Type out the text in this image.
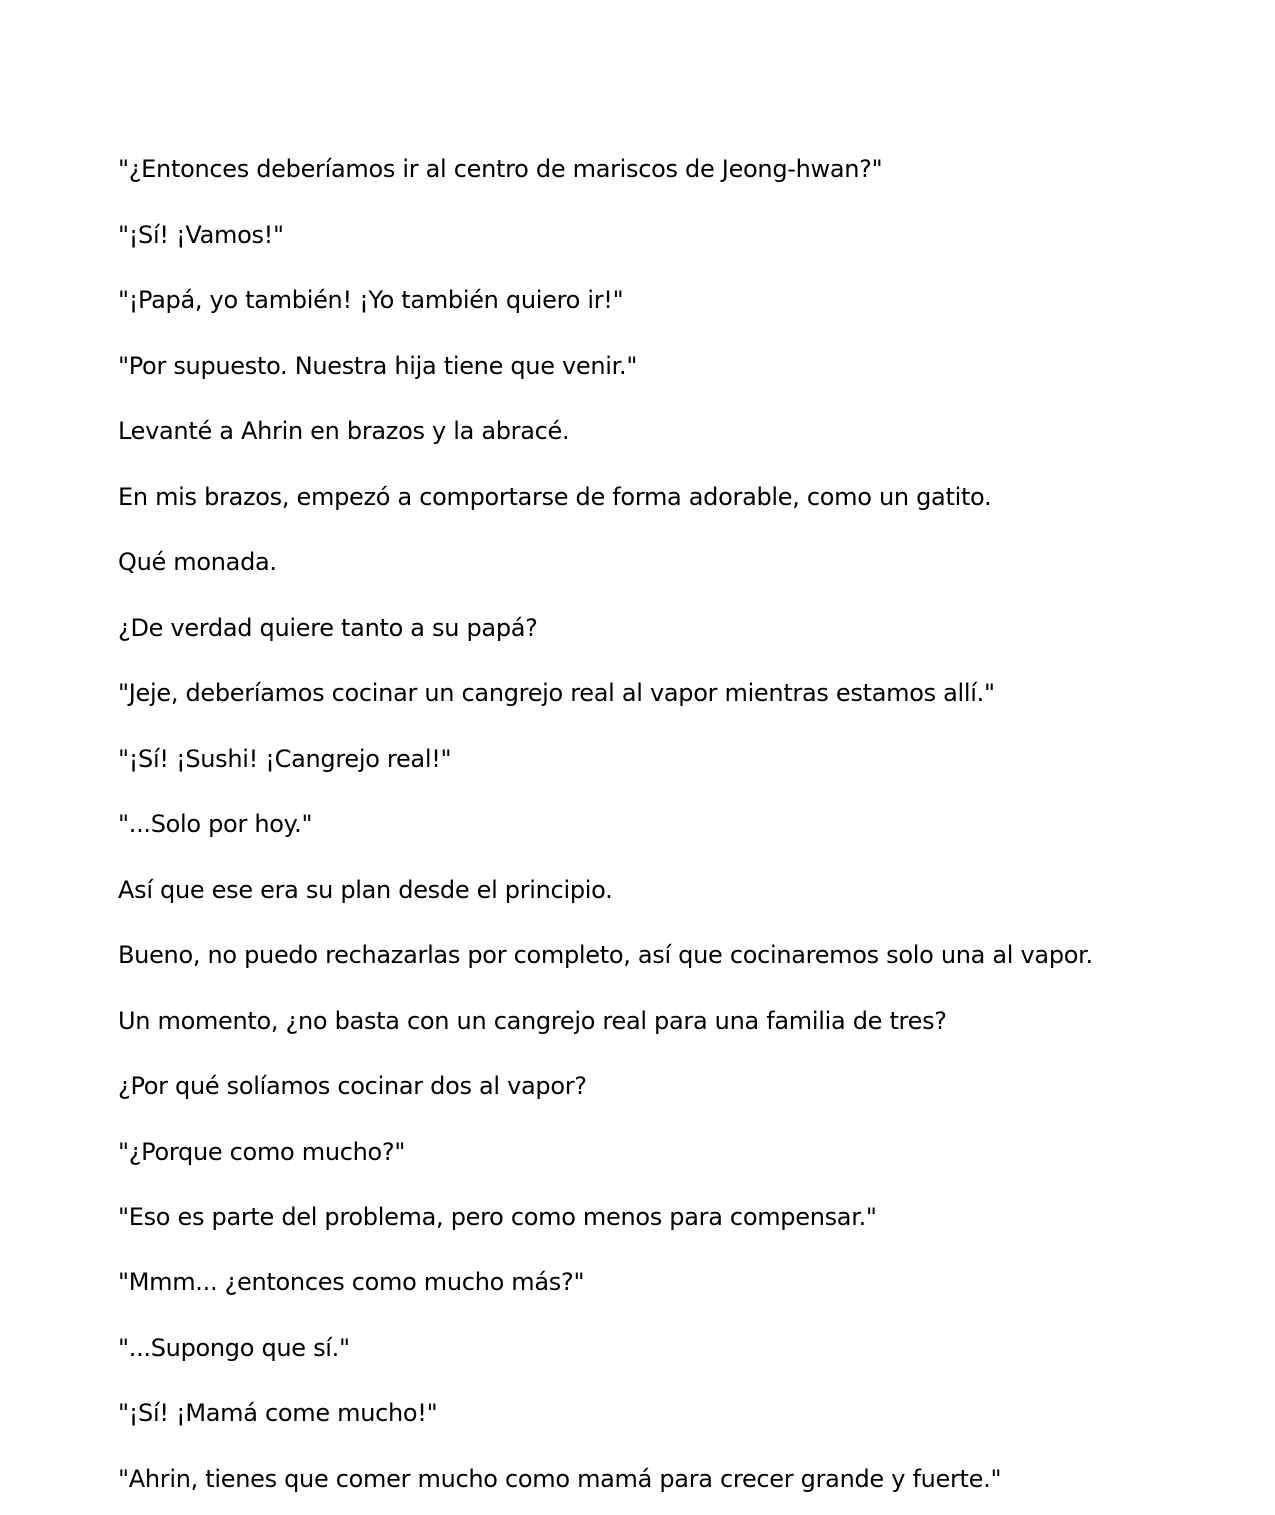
"¿Entonces deberíamos ir al centro de mariscos de Jeong-hwan?"

"¡Sí! ¡Vamos!"

"¡Papá, yo también! ¡Yo también quiero ir!"

"Por supuesto. Nuestra hija tiene que venir."

Levanté a Ahrin en brazos y la abracé.

En mis brazos, empezó a comportarse de forma adorable, como un gatito.

Qué monada.

¿De verdad quiere tanto a su papá?

"Jeje, deberíamos cocinar un cangrejo real al vapor mientras estamos allí."

"¡Sí! ¡Sushi! ¡Cangrejo real!"

"...Solo por hoy."

Así que ese era su plan desde el principio.

Bueno, no puedo rechazarlas por completo, así que cocinaremos solo una al vapor.

Un momento, ¿no basta con un cangrejo real para una familia de tres?

¿Por qué solíamos cocinar dos al vapor?

"¿Porque como mucho?"

"Eso es parte del problema, pero como menos para compensar."

"Mmm... ¿entonces como mucho más?"

"...Supongo que sí."

"¡Sí! ¡Mamá come mucho!"

"Ahrin, tienes que comer mucho como mamá para crecer grande y fuerte."
